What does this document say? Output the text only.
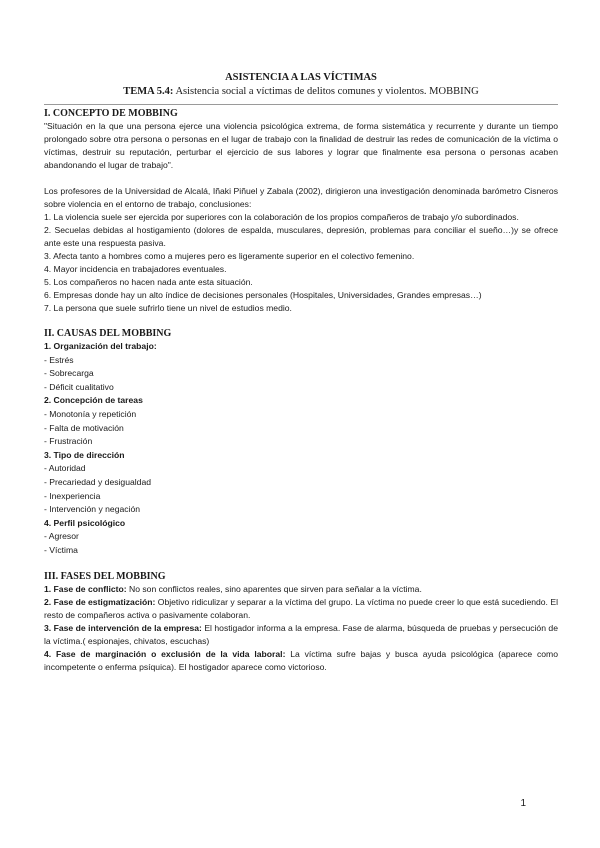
ASISTENCIA A LAS VÍCTIMAS

TEMA 5.4: Asistencia social a víctimas de delitos comunes y violentos. MOBBING

I. CONCEPTO DE MOBBING

"Situación en la que una persona ejerce una violencia psicológica extrema, de forma sistemática y recurrente y durante un tiempo prolongado sobre otra persona o personas en el lugar de trabajo con la finalidad de destruir las redes de comunicación de la víctima o víctimas, destruir su reputación, perturbar el ejercicio de sus labores y lograr que finalmente esa persona o personas acaben abandonando el lugar de trabajo".

Los profesores de la Universidad de Alcalá, Iñaki Piñuel y Zabala (2002), dirigieron una investigación denominada barómetro Cisneros sobre violencia en el entorno de trabajo, conclusiones:

1. La violencia suele ser ejercida por superiores con la colaboración de los propios compañeros de trabajo y/o subordinados.

2. Secuelas debidas al hostigamiento (dolores de espalda, musculares, depresión, problemas para conciliar el sueño…)y se ofrece ante este una respuesta pasiva.

3. Afecta tanto a hombres como a mujeres pero es ligeramente superior en el colectivo femenino.

4. Mayor incidencia en trabajadores eventuales.

5. Los compañeros no hacen nada ante esta situación.

6. Empresas donde hay un alto índice de decisiones personales (Hospitales, Universidades, Grandes empresas…)

7. La persona que suele sufrirlo tiene un nivel de estudios medio.

II. CAUSAS DEL MOBBING

1. Organización del trabajo:

- Estrés

- Sobrecarga

- Déficit cualitativo

2. Concepción de tareas

- Monotonía y repetición

- Falta de motivación

- Frustración

3. Tipo de dirección

- Autoridad

- Precariedad y desigualdad

- Inexperiencia

- Intervención y negación

4. Perfil psicológico

- Agresor

- Víctima

III. FASES DEL MOBBING

1. Fase de conflicto: No son conflictos reales, sino aparentes que sirven para señalar a la víctima.

2. Fase de estigmatización: Objetivo ridiculizar y separar a la víctima del grupo. La víctima no puede creer lo que está sucediendo. El resto de compañeros activa o pasivamente colaboran.

3. Fase de intervención de la empresa: El hostigador informa a la empresa. Fase de alarma, búsqueda de pruebas y persecución de la víctima.( espionajes, chivatos, escuchas)

4. Fase de marginación o exclusión de la vida laboral: La víctima sufre bajas y busca ayuda psicológica (aparece como incompetente o enferma psíquica). El hostigador aparece como victorioso.

1
